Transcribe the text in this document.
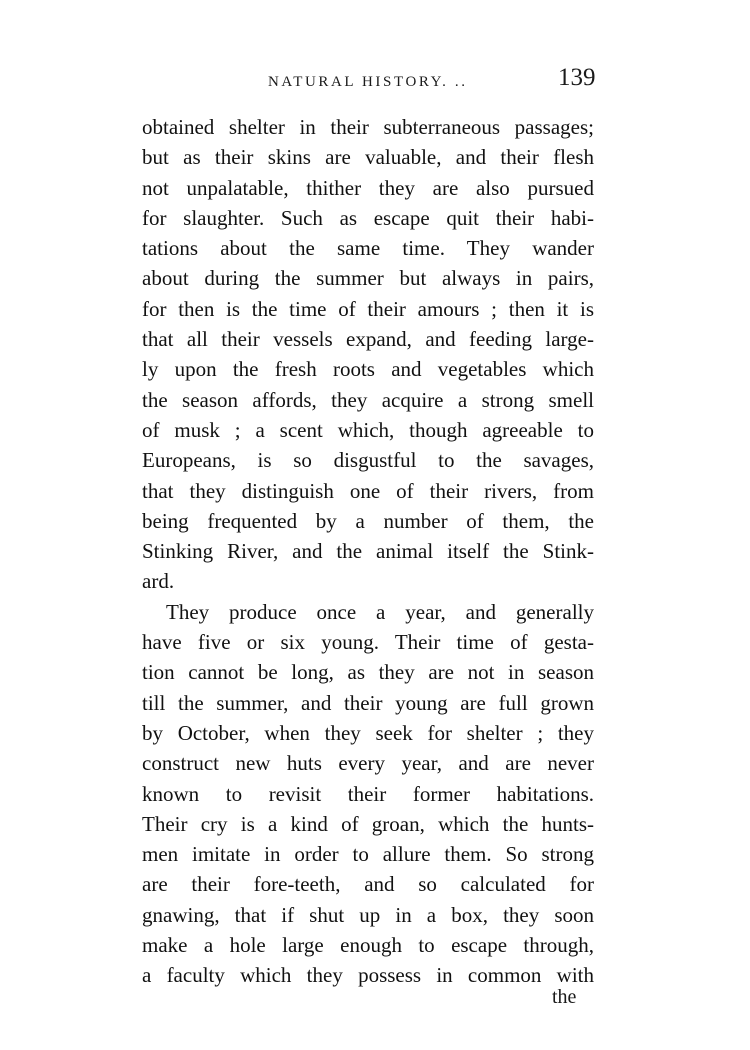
NATURAL HISTORY. ..	139
obtained shelter in their subterraneous passages;
but as their skins are valuable, and their flesh
not unpalatable, thither they are also pursued
for slaughter. Such as escape quit their habi-
tations about the same time. They wander
about during the summer but always in pairs,
for then is the time of their amours ; then it is
that all their vessels expand, and feeding large-
ly upon the fresh roots and vegetables which
the season affords, they acquire a strong smell
of musk ; a scent which, though agreeable to
Europeans, is so disgustful to the savages,
that they distinguish one of their rivers, from
being frequented by a number of them, the
Stinking River, and the animal itself the Stink-
ard.
They produce once a year, and generally
have five or six young. Their time of gesta-
tion cannot be long, as they are not in season
till the summer, and their young are full grown
by October, when they seek for shelter ; they
construct new huts every year, and are never
known to revisit their former habitations.
Their cry is a kind of groan, which the hunts-
men imitate in order to allure them. So strong
are their fore-teeth, and so calculated for
gnawing, that if shut up in a box, they soon
make a hole large enough to escape through,
a faculty which they possess in common with
the
